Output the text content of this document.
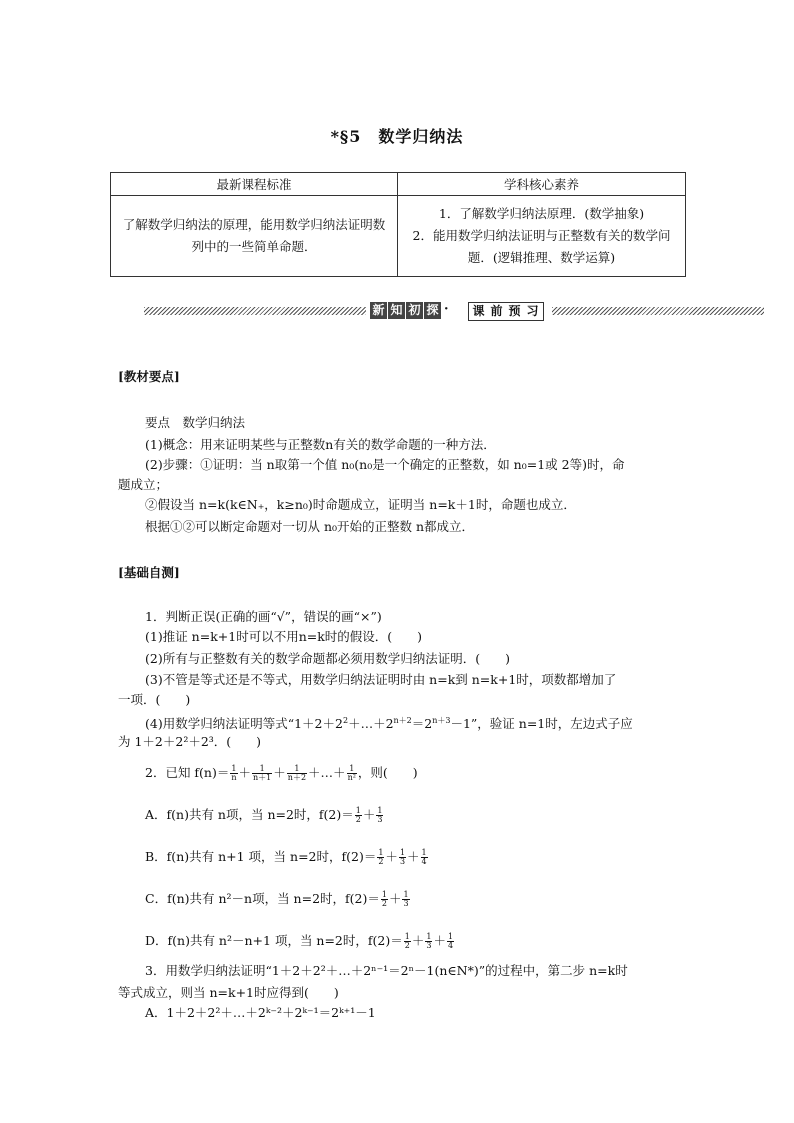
*§5　数学归纳法
最新课程标准	学科核心素养
了解数学归纳法的原理，能用数学归纳法证明数列中的一些简单命题．	1．了解数学归纳法原理．(数学抽象)
2．能用数学归纳法证明与正整数有关的数学问题．(逻辑推理、数学运算)
新 知 初 探 · 课 前 预 习
[教材要点]
要点　数学归纳法
(1)概念：用来证明某些与正整数n有关的数学命题的一种方法．
(2)步骤：①证明：当 n取第一个值 n₀(n₀是一个确定的正整数，如 n₀=1或 2等)时，命
题成立；
②假设当 n=k(k∈N₊，k≥n₀)时命题成立，证明当 n=k＋1时，命题也成立．
根据①②可以断定命题对一切从 n₀开始的正整数 n都成立．
[基础自测]
1．判断正误(正确的画“√”，错误的画“×”)
(1)推证 n=k+1时可以不用n=k时的假设．(　　)
(2)所有与正整数有关的数学命题都必须用数学归纳法证明．(　　)
(3)不管是等式还是不等式，用数学归纳法证明时由 n=k到 n=k+1时，项数都增加了
一项．(　　)
(4)用数学归纳法证明等式“$1+2+2^2+\dots+2^{n+2}=2^{n+3}-1$”，验证 n=1时，左边式子应
为 1＋2＋2²＋2³．(　　)
2．已知 $f(n)= \frac{1}{n} + \frac{1}{n+1} + \frac{1}{n+2}$ ＋…＋ $\frac{1}{\text{n²}}$ ，则(　　)
A．f(n)共有 n项，当 n=2时，$f(2)= \frac{1}{2} + \frac{1}{3}$
B．f(n)共有 n+1 项，当 n=2时，$f(2)= \frac{1}{2} + \frac{1}{3} + \frac{1}{4}$
C．f(n)共有 n²－n项，当 n=2时，$f(2)= \frac{1}{2} + \frac{1}{3}$
D．f(n)共有 n²－n+1 项，当 n=2时，$f(2)= \frac{1}{2} + \frac{1}{3} + \frac{1}{4}$
3．用数学归纳法证明“1＋2＋2²＋…＋2ⁿ⁻¹＝2ⁿ－1(n∈N*)”的过程中，第二步 n=k时
等式成立，则当 n=k+1时应得到(　　)
A．1＋2＋2²＋…＋2ᵏ⁻²＋2ᵏ⁻¹＝2ᵏ⁺¹－1
